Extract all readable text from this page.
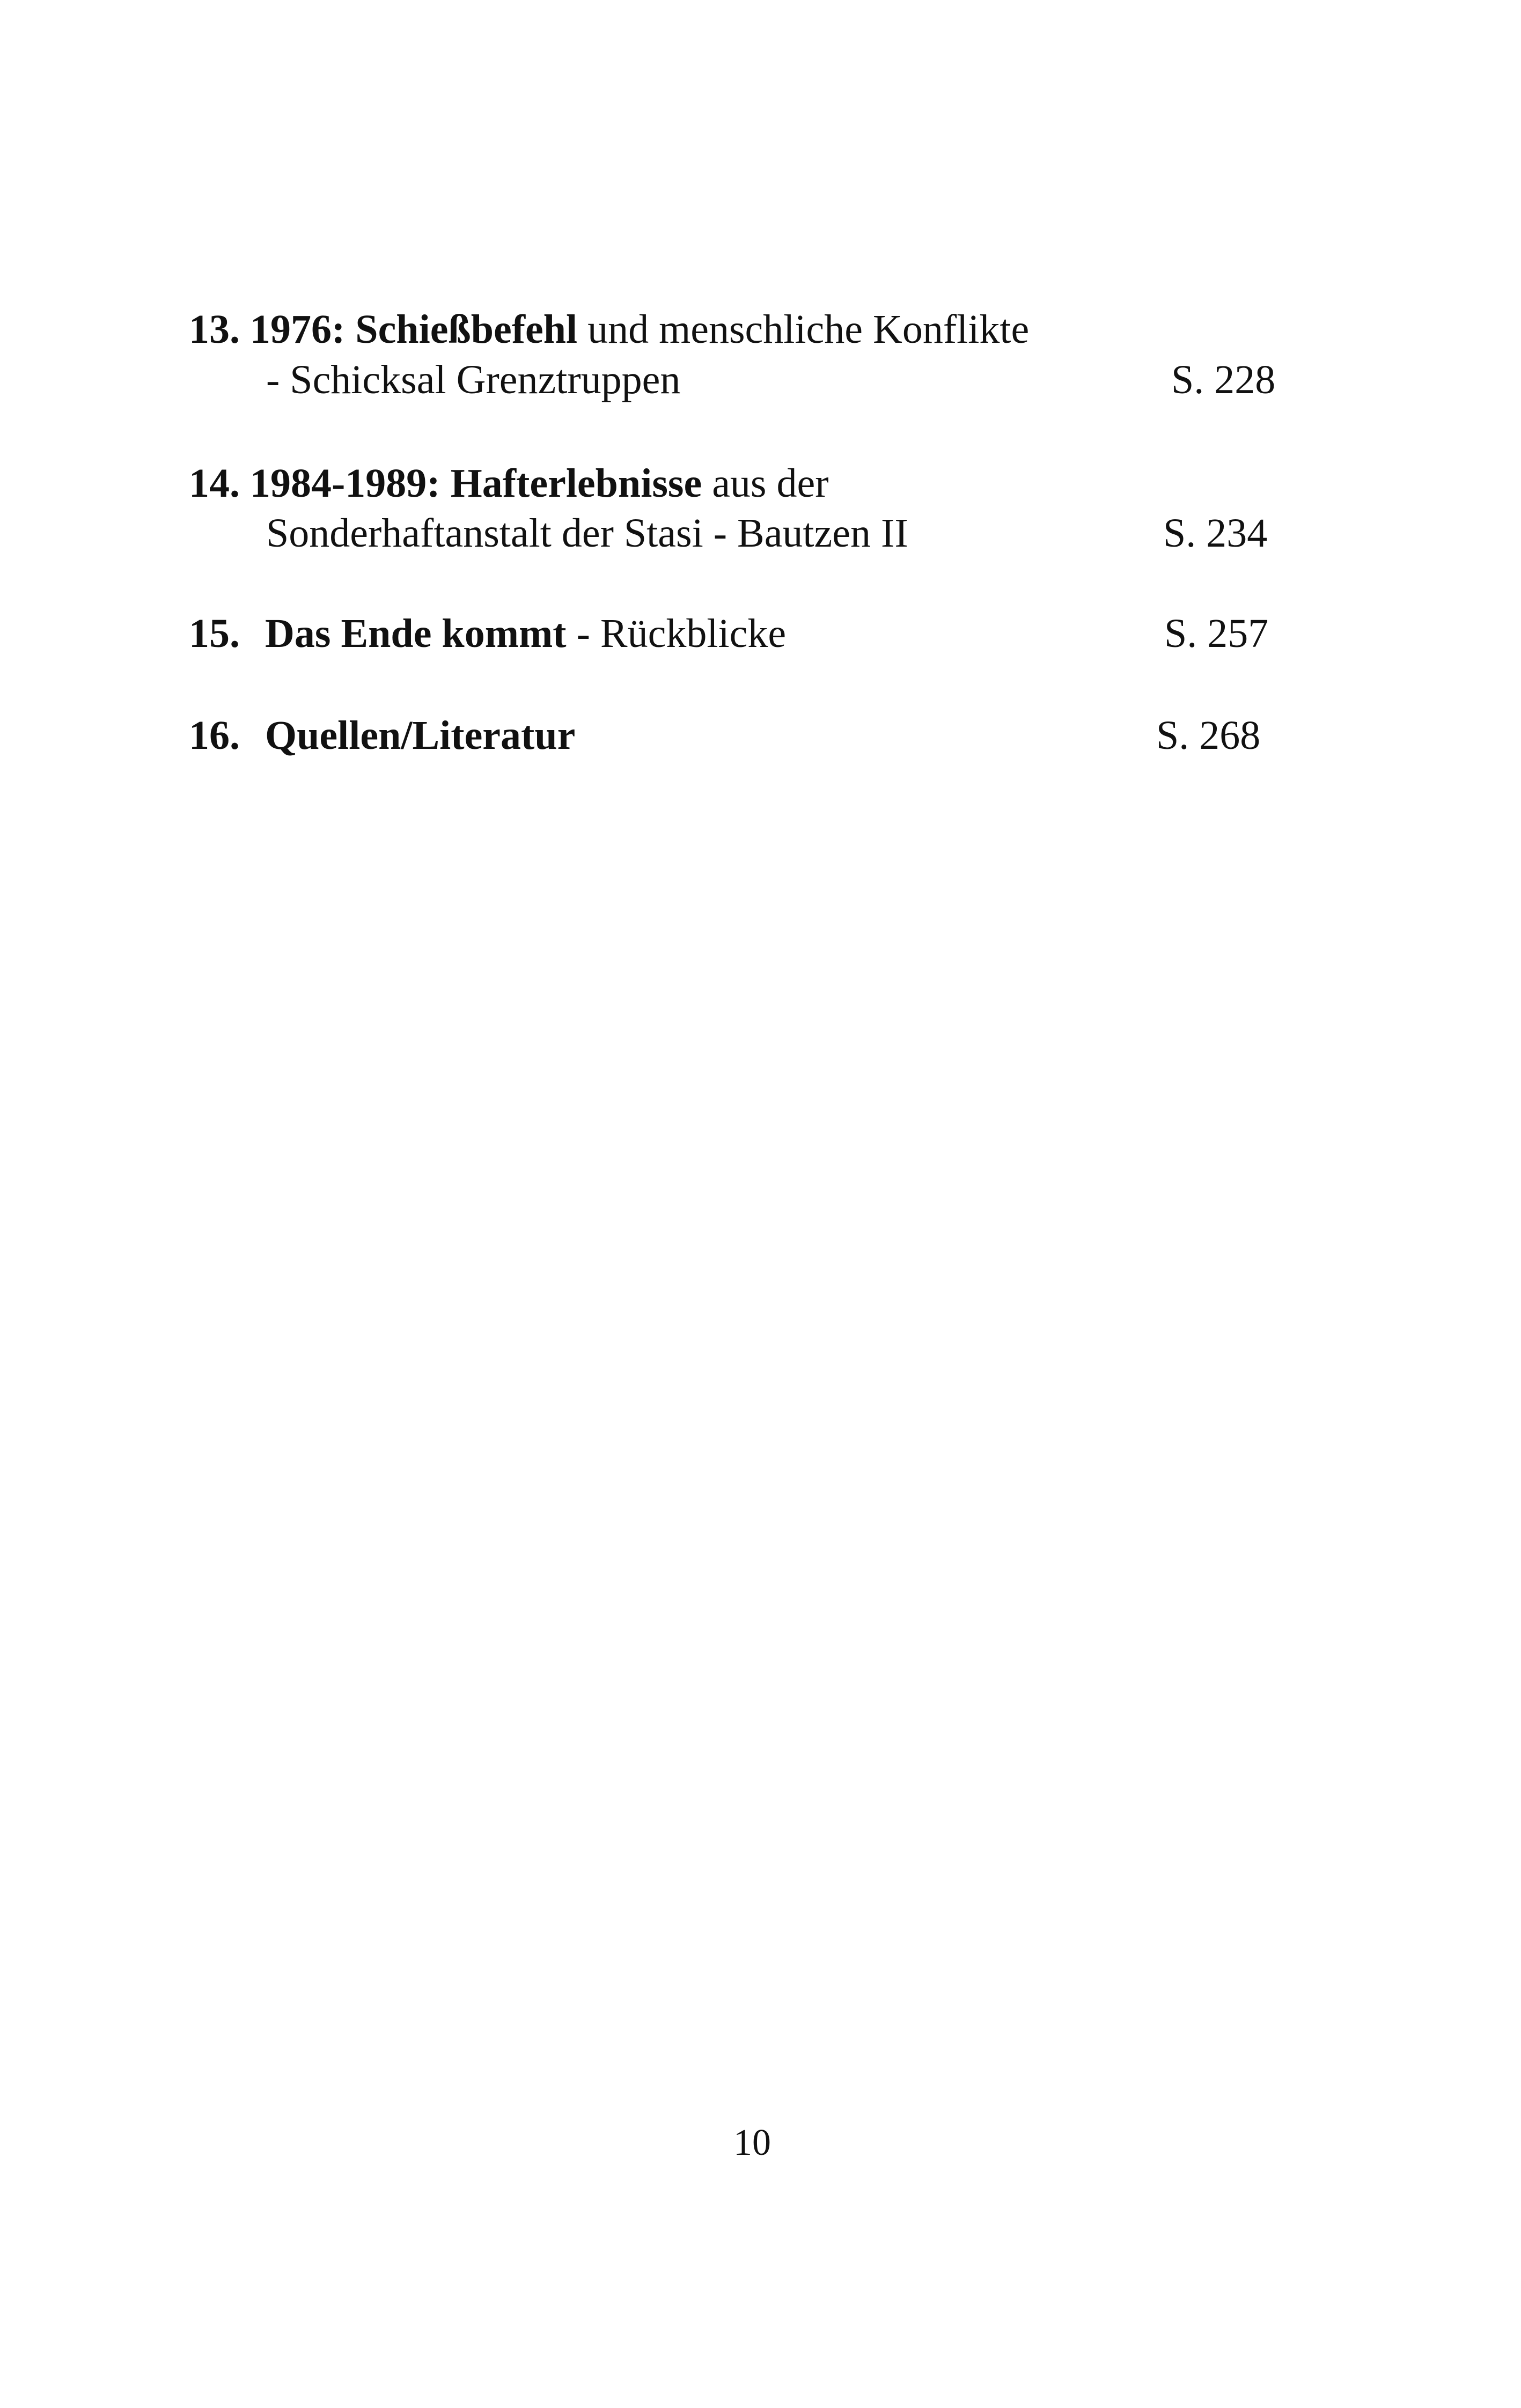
13. 1976: Schießbefehl und menschliche Konflikte
- Schicksal Grenztruppen	S. 228
14. 1984-1989: Hafterlebnisse aus der
Sonderhaftanstalt der Stasi - Bautzen II	S. 234
15. Das Ende kommt - Rückblicke	S. 257
16. Quellen/Literatur	S. 268
10
